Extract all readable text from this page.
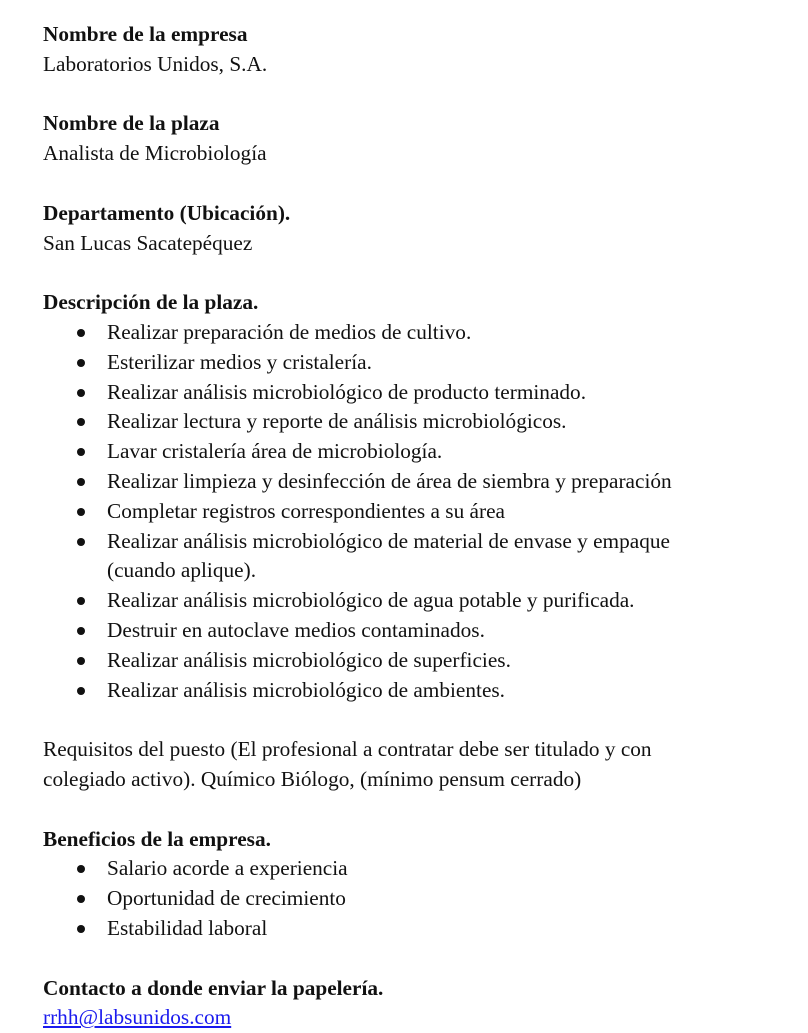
Nombre de la empresa
Laboratorios Unidos, S.A.
Nombre de la plaza
Analista de Microbiología
Departamento (Ubicación).
San Lucas Sacatepéquez
Descripción de la plaza.
Realizar preparación de medios de cultivo.
Esterilizar medios y cristalería.
Realizar análisis microbiológico de producto terminado.
Realizar lectura y reporte de análisis microbiológicos.
Lavar cristalería área de microbiología.
Realizar limpieza y desinfección de área de siembra y preparación
Completar registros correspondientes a su área
Realizar análisis microbiológico de material de envase y empaque
(cuando aplique).
Realizar análisis microbiológico de agua potable y purificada.
Destruir en autoclave medios contaminados.
Realizar análisis microbiológico de superficies.
Realizar análisis microbiológico de ambientes.
Requisitos del puesto (El profesional a contratar debe ser titulado y con
colegiado activo). Químico Biólogo, (mínimo pensum cerrado)
Beneficios de la empresa.
Salario acorde a experiencia
Oportunidad de crecimiento
Estabilidad laboral
Contacto a donde enviar la papelería.
rrhh@labsunidos.com
